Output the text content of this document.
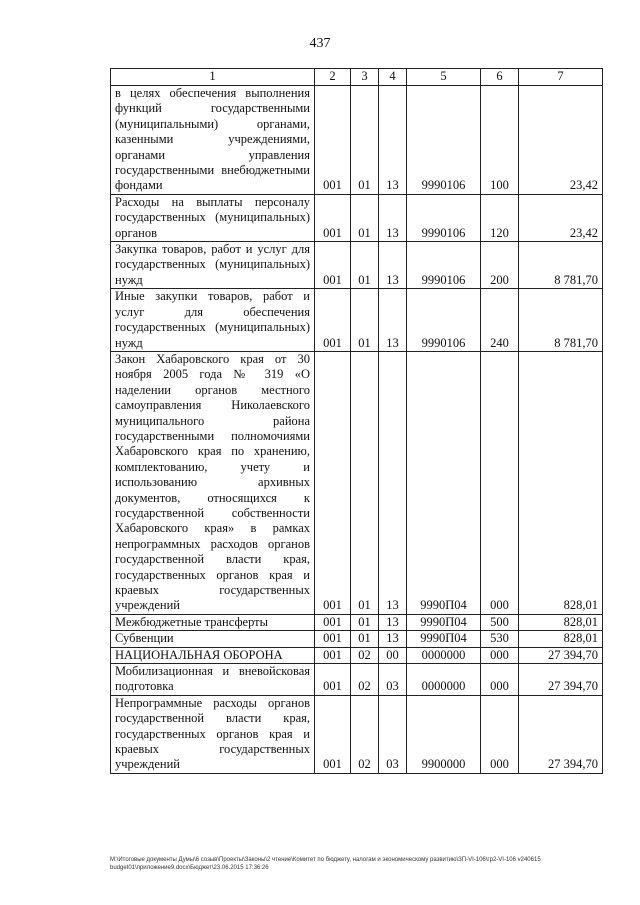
437
1	2	3	4	5	6	7
в целях обеспечения выполнения функций государственными (муниципальными) органами, казенными учреждениями, органами управления государственными внебюджетными фондами	001	01	13	9990106	100	23,42
Расходы на выплаты персоналу государственных (муниципальных) органов	001	01	13	9990106	120	23,42
Закупка товаров, работ и услуг для государственных (муниципальных) нужд	001	01	13	9990106	200	8 781,70
Иные закупки товаров, работ и услуг для обеспечения государственных (муниципальных) нужд	001	01	13	9990106	240	8 781,70
Закон Хабаровского края от 30 ноября 2005 года № 319 «О наделении органов местного самоуправления Николаевского муниципального района государственными полномочиями Хабаровского края по хранению, комплектованию, учету и использованию архивных документов, относящихся к государственной собственности Хабаровского края» в рамках непрограммных расходов органов государственной власти края, государственных органов края и краевых государственных учреждений	001	01	13	9990П04	000	828,01
Межбюджетные трансферты	001	01	13	9990П04	500	828,01
Субвенции	001	01	13	9990П04	530	828,01
НАЦИОНАЛЬНАЯ ОБОРОНА	001	02	00	0000000	000	27 394,70
Мобилизационная и вневойсковая подготовка	001	02	03	0000000	000	27 394,70
Непрограммные расходы органов государственной власти края, государственных органов края и краевых государственных учреждений	001	02	03	9900000	000	27 394,70
M:\Итоговые документы Думы\6 созыв\Проекты\Законы\2 чтение\Комитет по бюджету, налогам и экономическому развитию\ЗП-VI-106\гр2-VI-106 v240615 budget01\приложение9.docx\Бюджет\23.06.2015 17:36:26
